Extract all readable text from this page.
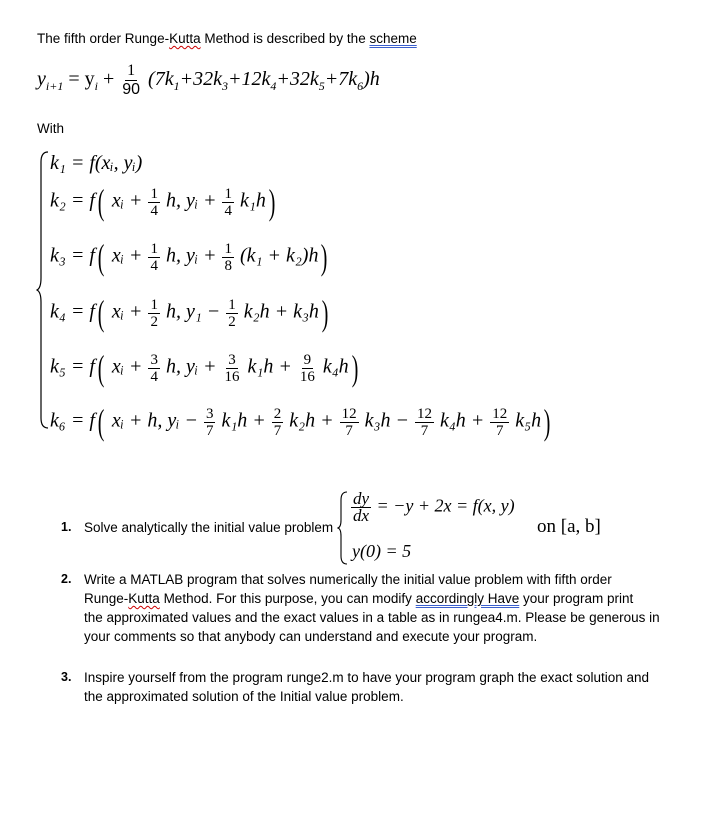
The fifth order Runge-Kutta Method is described by the scheme
$y_{i+1} = y_i + \frac{1}{90} (7k_1+32k_3+12k_4+32k_5+7k_6)h$
With
k₁ = f(xᵢ, yᵢ)
k₂ = f( xᵢ + $\frac{1}{4} h$, yᵢ + $\frac{1}{4} k_1h$)
k₃ = f( xᵢ + $\frac{1}{4} h$, yᵢ + $\frac{1}{8} (k_1 + k_2)h$)
k₄ = f( xᵢ + $\frac{1}{2} h$, $y_1 - \frac{1}{2} k_2h + k_3h$)
k₅ = f( xᵢ + $\frac{3}{4} h$, yᵢ + $\frac{3}{16} k_1h + \frac{9}{16} k_4h$)
k₆ = f( xᵢ + h, yᵢ − $\frac{3}{7} k_1h + \frac{2}{7} k_2h + \frac{12}{7} k_3h - \frac{12}{7} k_4h + \frac{12}{7} k_5h$)
1. Solve analytically the initial value problem
$\frac{dy}{dx} = -y + 2x = f(x$, y)
y(0) = 5
on [a, b]
2. Write a MATLAB program that solves numerically the initial value problem with fifth order
Runge-Kutta Method. For this purpose, you can modify accordingly Have your program print
the approximated values and the exact values in a table as in rungea4.m. Please be generous in
your comments so that anybody can understand and execute your program.
3. Inspire yourself from the program runge2.m to have your program graph the exact solution and
the approximated solution of the Initial value problem.
